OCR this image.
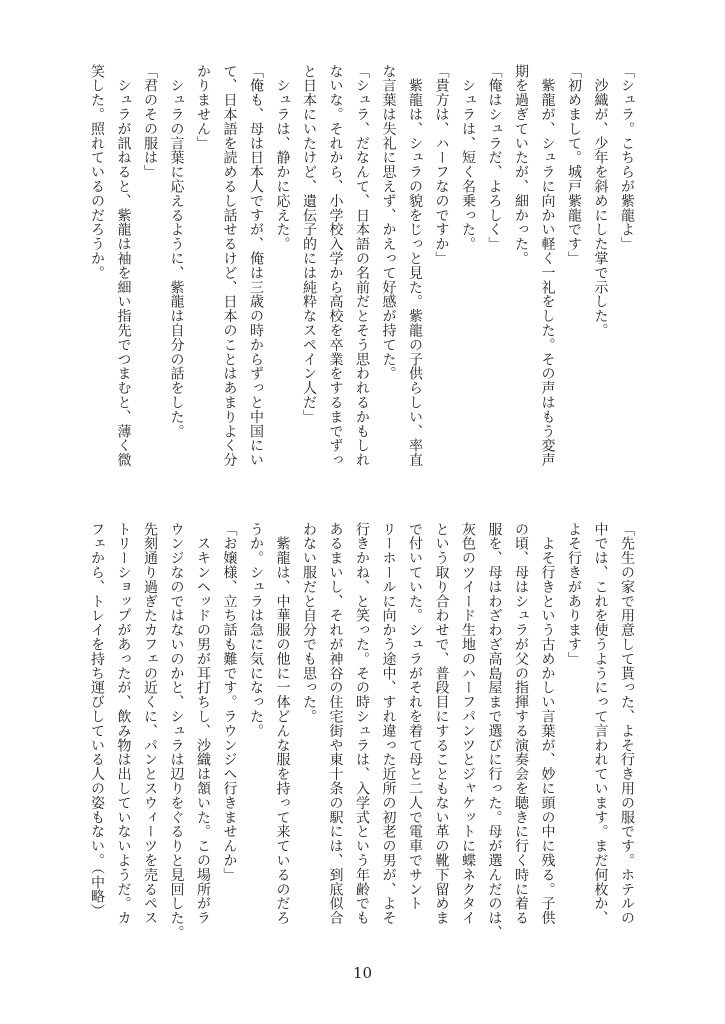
「シュラ。こちらが紫龍よ」
　沙織が、少年を斜めにした掌で示した。
「初めまして。城戸紫龍です」
　紫龍が、シュラに向かい軽く一礼をした。その声はもう変声
期を過ぎていたが、細かった。
「俺はシュラだ、よろしく」
　シュラは、短く名乗った。
「貴方は、ハーフなのですか」
　紫龍は、シュラの貌をじっと見た。紫龍の子供らしい、率直
な言葉は失礼に思えず、かえって好感が持てた。
「シュラ、だなんて、日本語の名前だとそう思われるかもしれ
ないな。それから、小学校入学から高校を卒業をするまでずっ
と日本にいたけど、遺伝子的には純粋なスペイン人だ」
　シュラは、静かに応えた。
「俺も、母は日本人ですが、俺は三歳の時からずっと中国にい
て、日本語を読めるし話せるけど、日本のことはあまりよく分
かりません」
　シュラの言葉に応えるように、紫龍は自分の話をした。
「君のその服は」
　シュラが訊ねると、紫龍は袖を細い指先でつまむと、薄く微
笑した。照れているのだろうか。
「先生の家で用意して貰った、よそ行き用の服です。ホテルの
中では、これを使うようにって言われています。まだ何枚か、
よそ行きがあります」
　よそ行きという古めかしい言葉が、妙に頭の中に残る。子供
の頃、母はシュラが父の指揮する演奏会を聴きに行く時に着る
服を、母はわざわざ高島屋まで選びに行った。母が選んだのは、
灰色のツイード生地のハーフパンツとジャケットに蝶ネクタイ
という取り合わせで、普段目にすることもない革の靴下留めま
で付いていた。シュラがそれを着て母と二人で電車でサント
リーホールに向かう途中、すれ違った近所の初老の男が、よそ
行きかね、と笑った。その時シュラは、入学式という年齢でも
あるまいし、それが神谷の住宅街や東十条の駅には、到底似合
わない服だと自分でも思った。
　紫龍は、中華服の他に一体どんな服を持って来ているのだろ
うか。シュラは急に気になった。
「お嬢様、立ち話も難です。ラウンジへ行きませんか」
　スキンヘッドの男が耳打ちし、沙織は頷いた。この場所がラ
ウンジなのではないのかと、シュラは辺りをぐるりと見回した。
先刻通り過ぎたカフェの近くに、パンとスウィーツを売るペス
トリーショップがあったが、飲み物は出していないようだ。カ
フェから、トレイを持ち運びしている人の姿もない。（中略）
10
